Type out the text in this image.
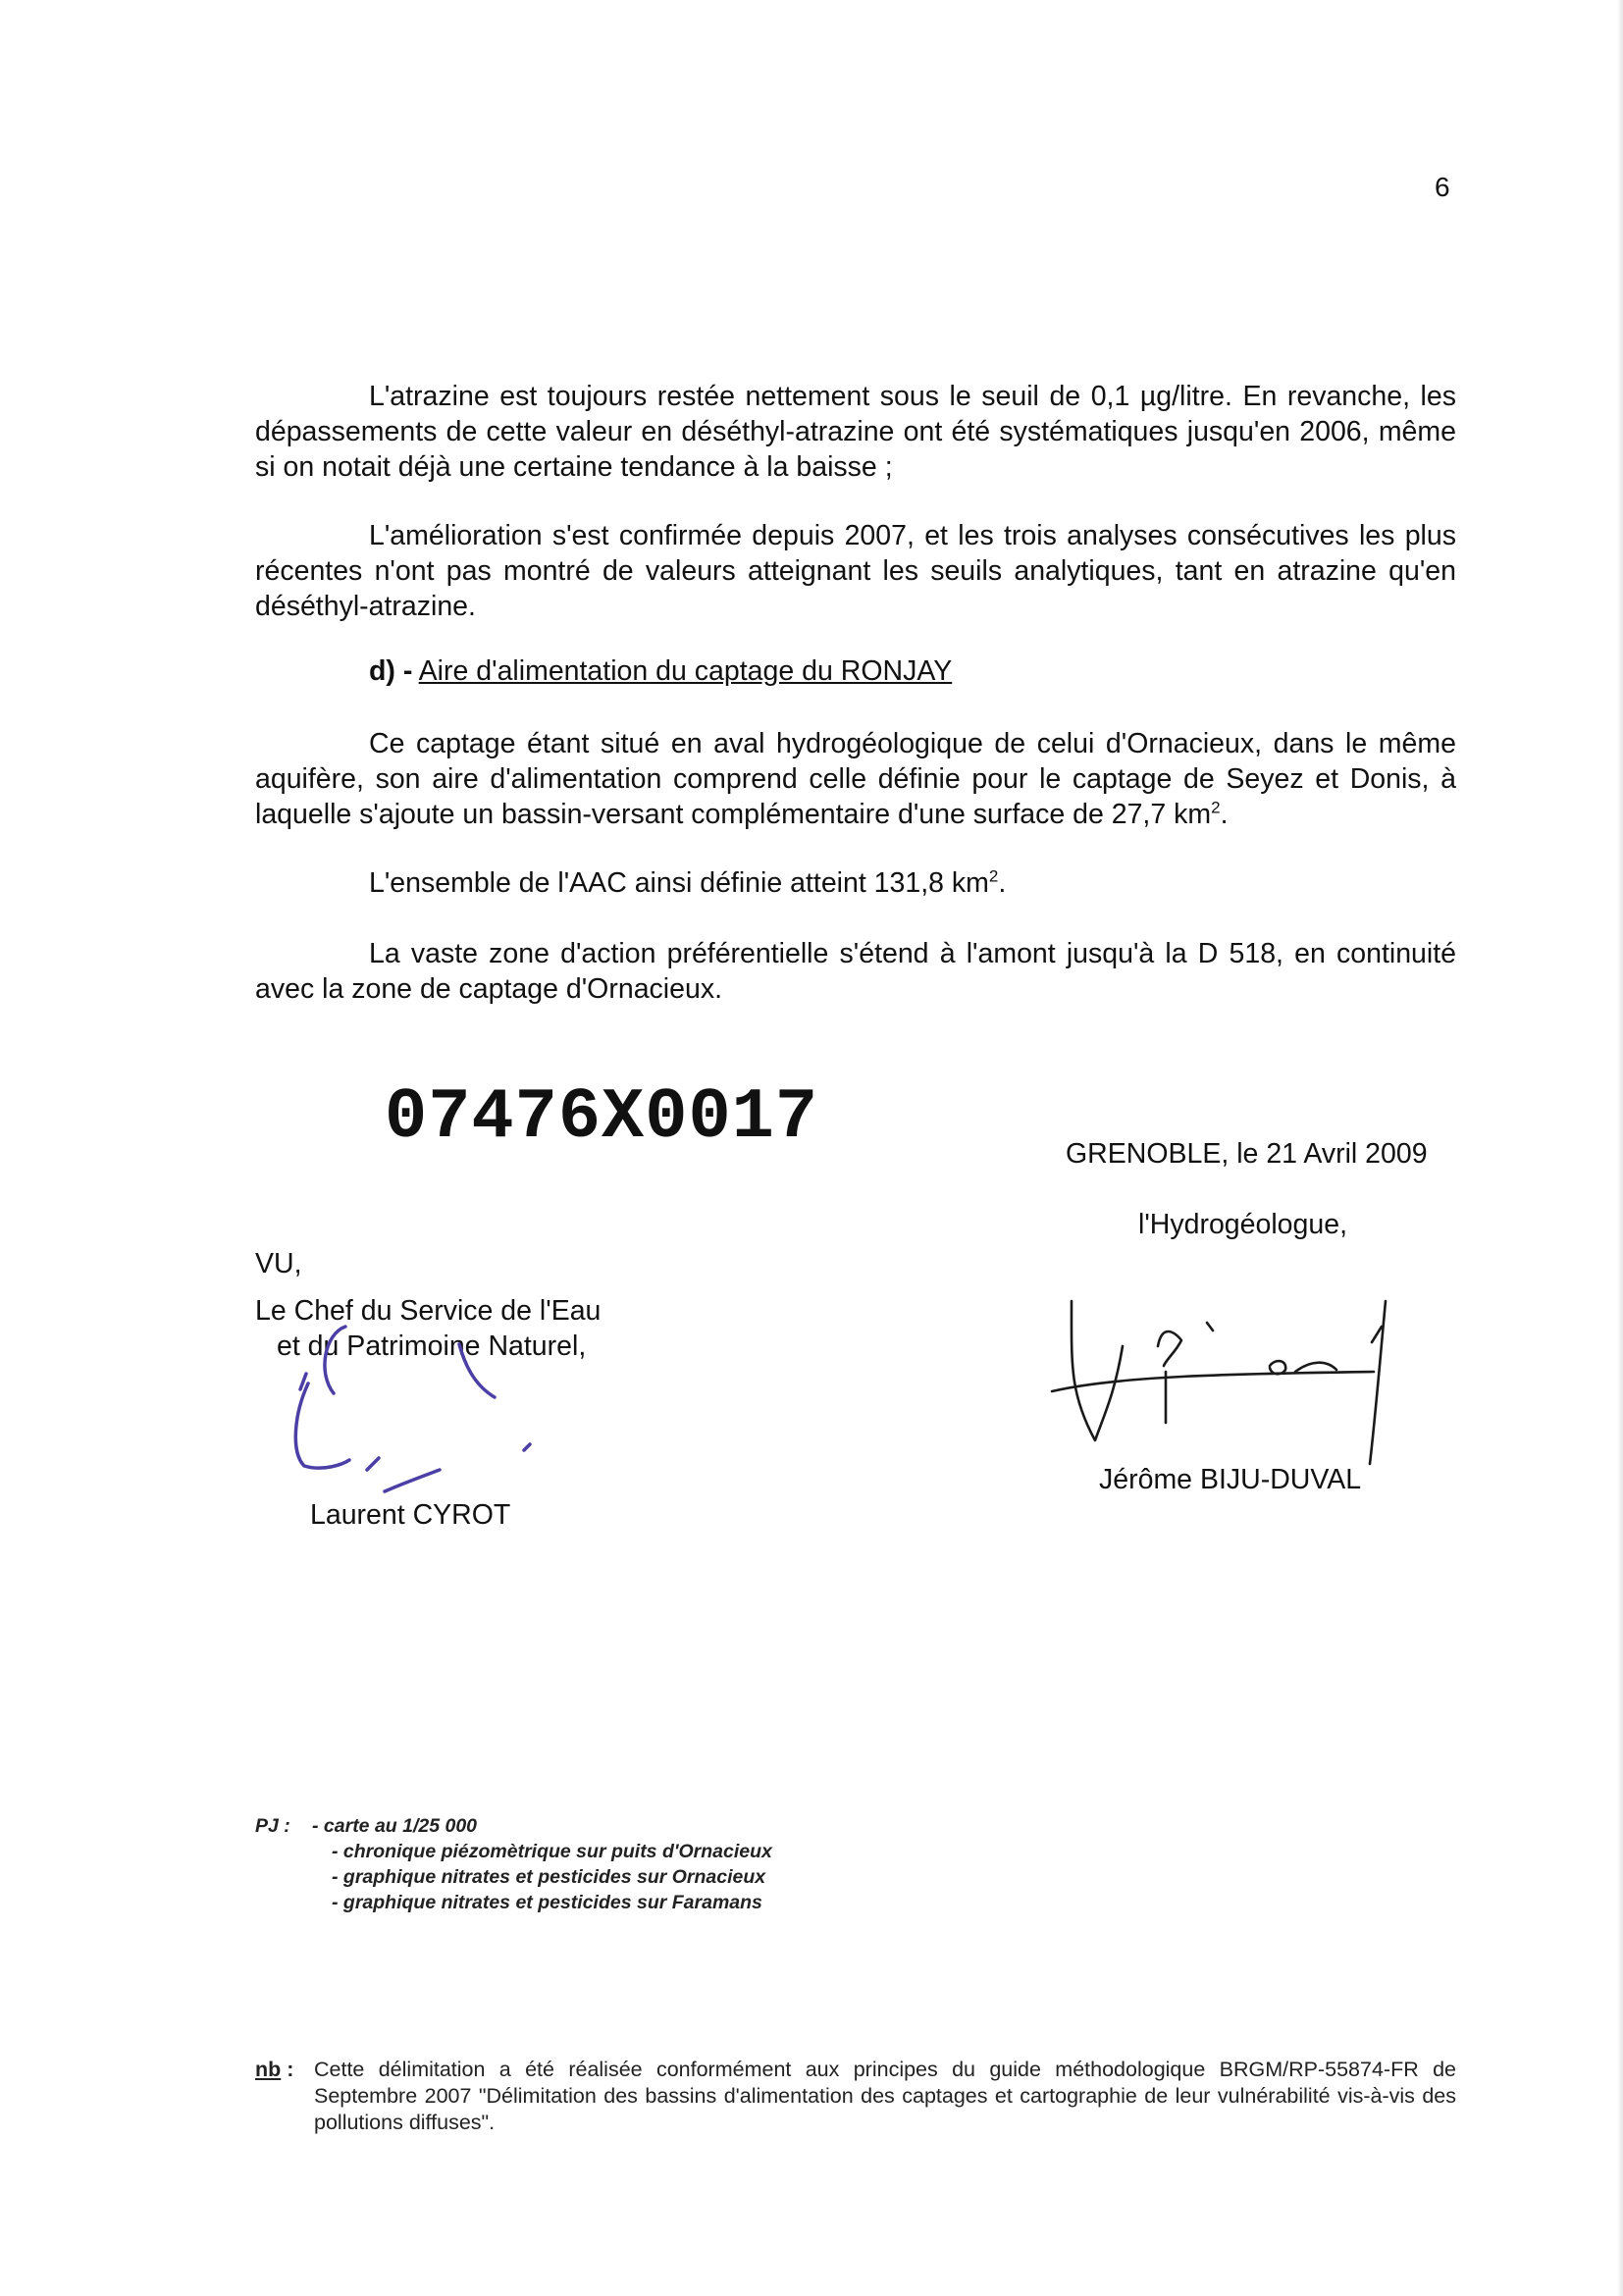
6

L'atrazine est toujours restée nettement sous le seuil de 0,1 µg/litre. En revanche, les dépassements de cette valeur en déséthyl-atrazine ont été systématiques jusqu'en 2006, même si on notait déjà une certaine tendance à la baisse ;

L'amélioration s'est confirmée depuis 2007, et les trois analyses consécutives les plus récentes n'ont pas montré de valeurs atteignant les seuils analytiques, tant en atrazine qu'en déséthyl-atrazine.

d) - Aire d'alimentation du captage du RONJAY

Ce captage étant situé en aval hydrogéologique de celui d'Ornacieux, dans le même aquifère, son aire d'alimentation comprend celle définie pour le captage de Seyez et Donis, à laquelle s'ajoute un bassin-versant complémentaire d'une surface de 27,7 $km^2$.

L'ensemble de l'AAC ainsi définie atteint 131,8 $km^2$.

La vaste zone d'action préférentielle s'étend à l'amont jusqu'à la D 518, en continuité avec la zone de captage d'Ornacieux.

07476X0017	GRENOBLE, le 21 Avril 2009
l'Hydrogéologue,
VU,
Le Chef du Service de l'Eau
et du Patrimoine Naturel,
Laurent CYROT
Jérôme BIJU-DUVAL
PJ : - carte au 1/25 000
- chronique piézomètrique sur puits d'Ornacieux
- graphique nitrates et pesticides sur Ornacieux
- graphique nitrates et pesticides sur Faramans
nb : Cette délimitation a été réalisée conformément aux principes du guide méthodologique BRGM/RP-55874-FR de Septembre 2007 "Délimitation des bassins d'alimentation des captages et cartographie de leur vulnérabilité vis-à-vis des pollutions diffuses".
